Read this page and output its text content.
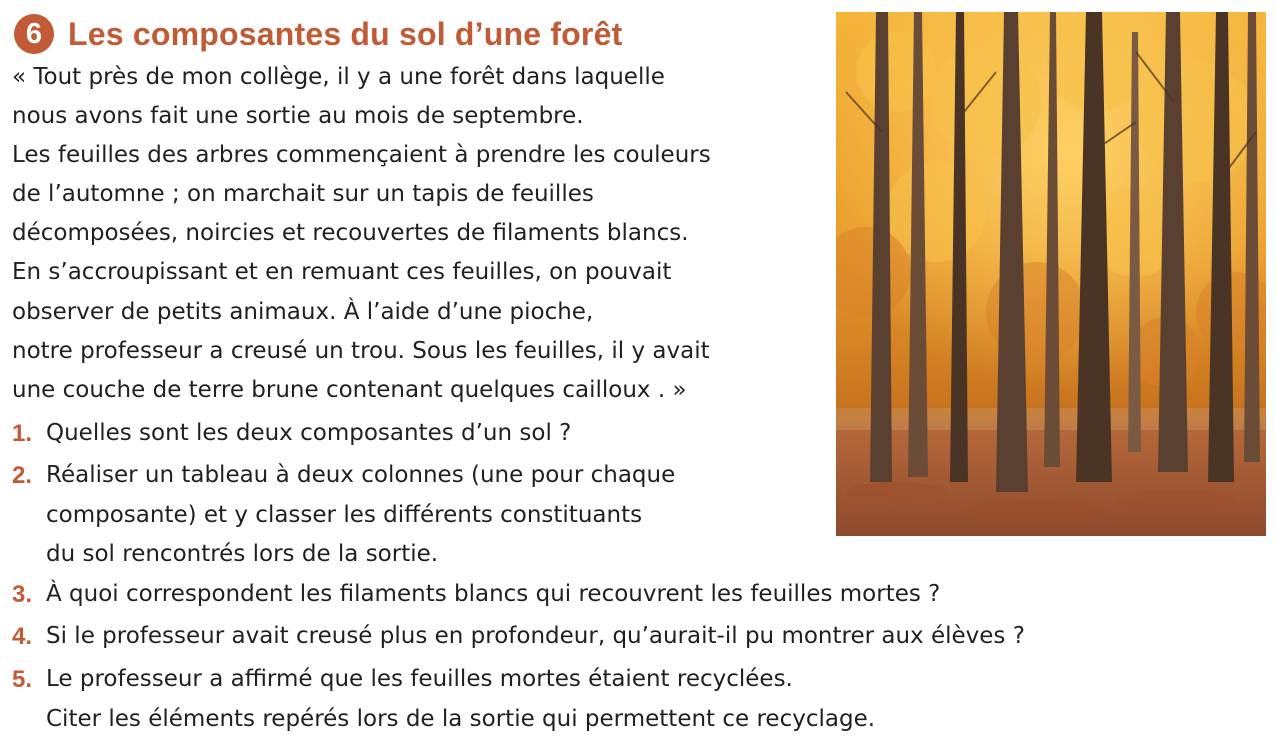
6 Les composantes du sol d’une forêt

« Tout près de mon collège, il y a une forêt dans laquelle
nous avons fait une sortie au mois de septembre.
Les feuilles des arbres commençaient à prendre les couleurs
de l’automne ; on marchait sur un tapis de feuilles
décomposées, noircies et recouvertes de filaments blancs.
En s’accroupissant et en remuant ces feuilles, on pouvait
observer de petits animaux. À l’aide d’une pioche,
notre professeur a creusé un trou. Sous les feuilles, il y avait
une couche de terre brune contenant quelques cailloux . »

1. Quelles sont les deux composantes d’un sol ?
2. Réaliser un tableau à deux colonnes (une pour chaque
composante) et y classer les différents constituants
du sol rencontrés lors de la sortie.
3. À quoi correspondent les filaments blancs qui recouvrent les feuilles mortes ?
4. Si le professeur avait creusé plus en profondeur, qu’aurait-il pu montrer aux élèves ?
5. Le professeur a affirmé que les feuilles mortes étaient recyclées.
Citer les éléments repérés lors de la sortie qui permettent ce recyclage.
